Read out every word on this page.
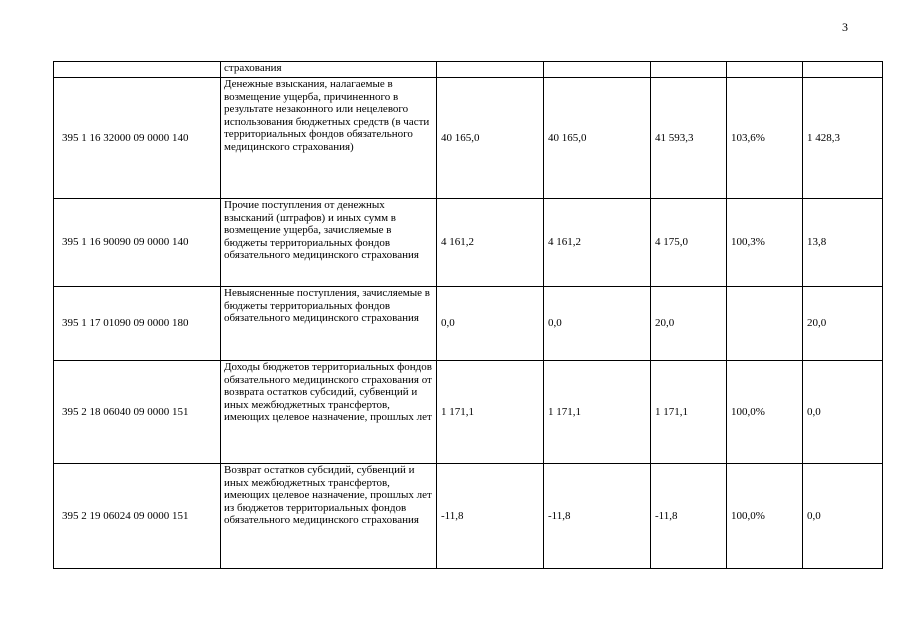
3
	страхования					
395 1 16 32000 09 0000 140	Денежные взыскания, налагаемые в возмещение ущерба, причиненного в результате незаконного или нецелевого использования бюджетных средств (в части территориальных фондов обязательного медицинского страхования)	40 165,0	40 165,0	41 593,3	103,6%	1 428,3
395 1 16 90090 09 0000 140	Прочие поступления от денежных взысканий (штрафов) и иных сумм в возмещение ущерба, зачисляемые в бюджеты территориальных фондов обязательного медицинского страхования	4 161,2	4 161,2	4 175,0	100,3%	13,8
395 1 17 01090 09 0000 180	Невыясненные поступления, зачисляемые в бюджеты территориальных фондов обязательного медицинского страхования	0,0	0,0	20,0		20,0
395 2 18 06040 09 0000 151	Доходы бюджетов территориальных фондов обязательного медицинского страхования от возврата остатков субсидий, субвенций и иных межбюджетных трансфертов, имеющих целевое назначение, прошлых лет	1 171,1	1 171,1	1 171,1	100,0%	0,0
395 2 19 06024 09 0000 151	Возврат остатков субсидий, субвенций и иных межбюджетных трансфертов, имеющих целевое назначение, прошлых лет из бюджетов территориальных фондов обязательного медицинского страхования	-11,8	-11,8	-11,8	100,0%	0,0
